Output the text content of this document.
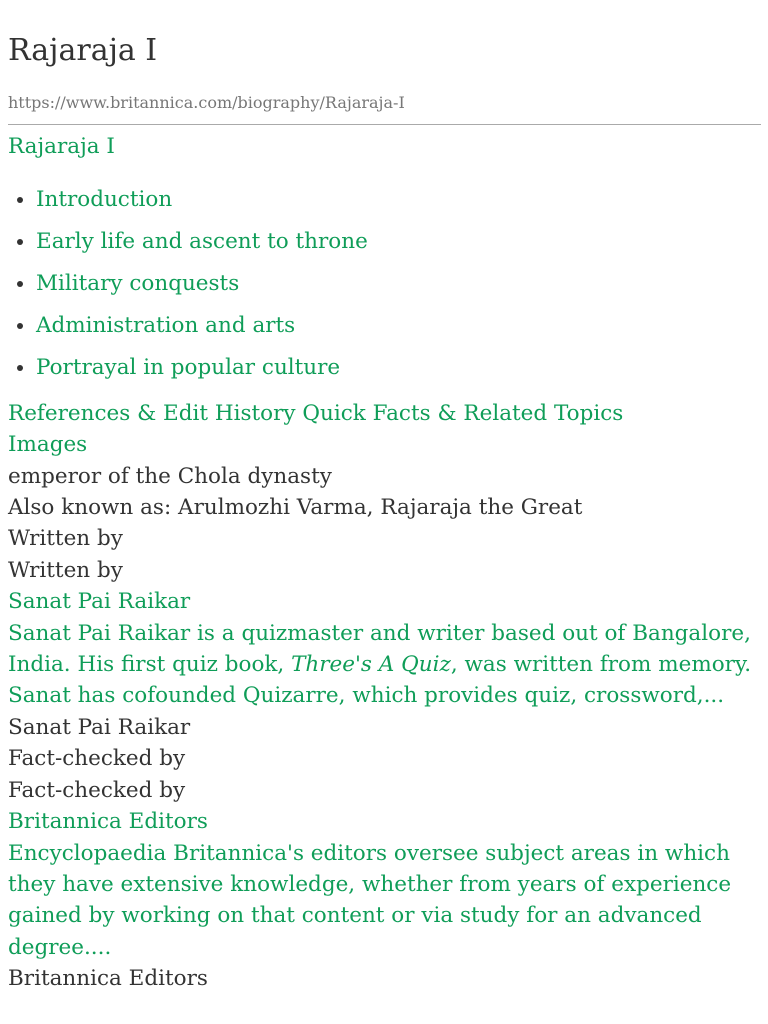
Rajaraja I
https://www.britannica.com/biography/Rajaraja-I
Rajaraja I
• Introduction
• Early life and ascent to throne
• Military conquests
• Administration and arts
• Portrayal in popular culture
References & Edit History Quick Facts & Related Topics
Images
emperor of the Chola dynasty
Also known as: Arulmozhi Varma, Rajaraja the Great
Written by
Written by
Sanat Pai Raikar
Sanat Pai Raikar is a quizmaster and writer based out of Bangalore, India. His first quiz book, Three's A Quiz, was written from memory. Sanat has cofounded Quizarre, which provides quiz, crossword,...
Sanat Pai Raikar
Fact-checked by
Fact-checked by
Britannica Editors
Encyclopaedia Britannica's editors oversee subject areas in which they have extensive knowledge, whether from years of experience gained by working on that content or via study for an advanced degree....
Britannica Editors
